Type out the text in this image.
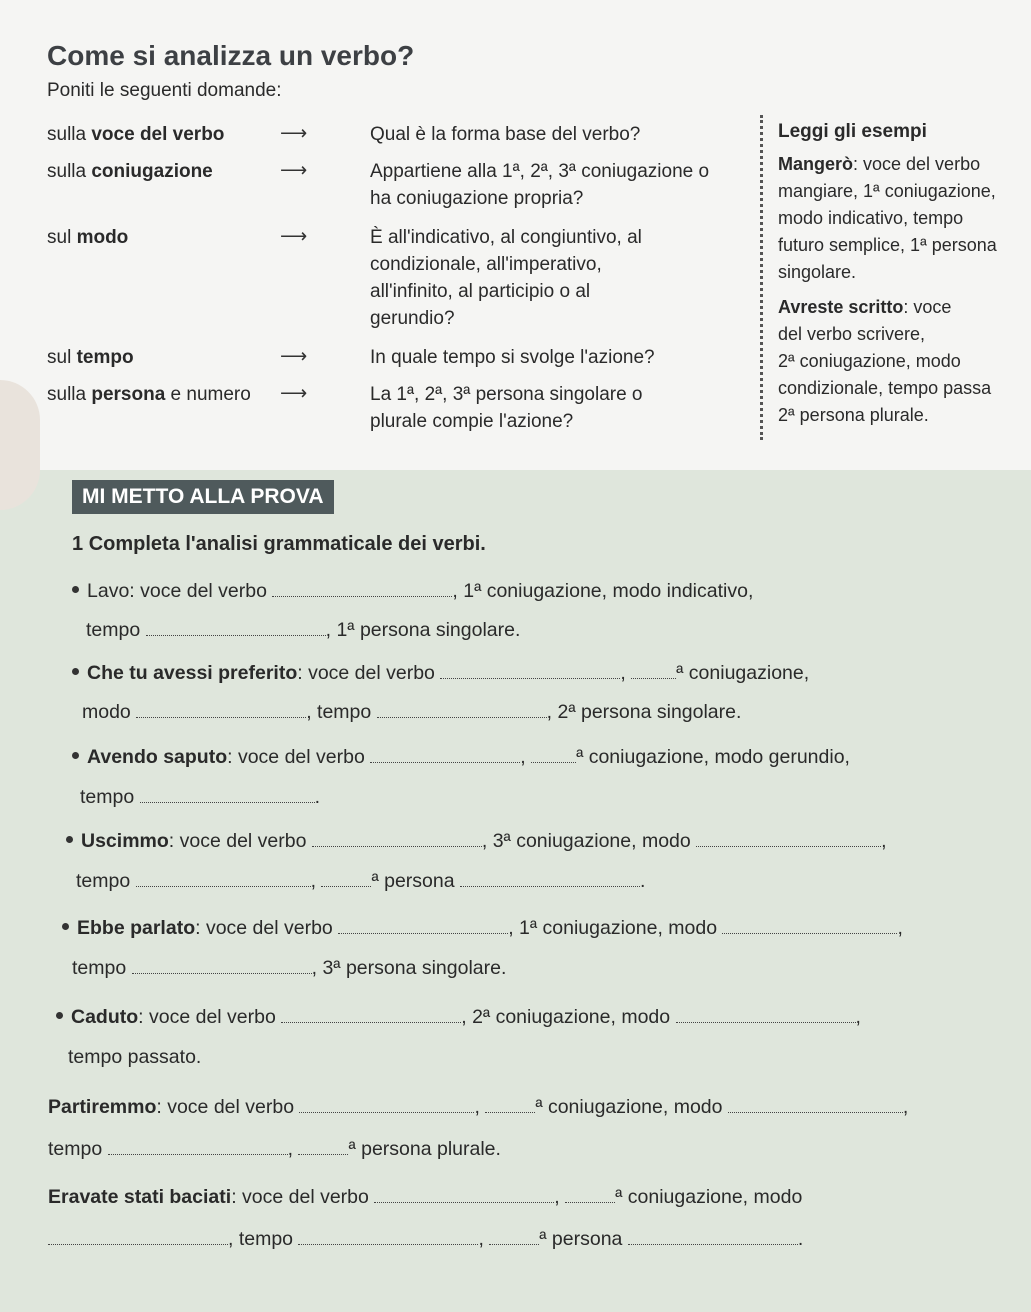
Come si analizza un verbo?
Poniti le seguenti domande:
sulla voce del verbo	⟶	Qual è la forma base del verbo?
sulla coniugazione	⟶	Appartiene alla 1ª, 2ª, 3ª coniugazione o ha coniugazione propria?
sul modo	⟶	È all'indicativo, al congiuntivo, al condizionale, all'imperativo, all'infinito, al participio o al gerundio?
sul tempo	⟶	In quale tempo si svolge l'azione?
sulla persona e numero ⟶	La 1ª, 2ª, 3ª persona singolare o plurale compie l'azione?
Leggi gli esempi

Mangerò: voce del verbo
mangiare, 1ª coniugazione,
modo indicativo, tempo
futuro semplice, 1ª persona
singolare.

Avreste scritto: voce
del verbo scrivere,
2ª coniugazione, modo
condizionale, tempo passa
2ª persona plurale.

MI METTO ALLA PROVA
1 Completa l'analisi grammaticale dei verbi.
Lavo: voce del verbo	, 1ª coniugazione, modo indicativo,
tempo	, 1ª persona singolare.
Che tu avessi preferito: voce del verbo	, ª coniugazione,
modo	, tempo	, 2ª persona singolare.
Avendo saputo: voce del verbo	, ª coniugazione, modo gerundio,
tempo	.
Uscimmo: voce del verbo	, 3ª coniugazione, modo	,
tempo	,	ª persona	.
Ebbe parlato: voce del verbo	, 1ª coniugazione, modo	,
tempo	, 3ª persona singolare.
Caduto: voce del verbo	, 2ª coniugazione, modo	,
tempo passato.
Partiremmo: voce del verbo	,	ª coniugazione, modo	,
tempo	,	ª persona plurale.
Eravate stati baciati: voce del verbo	,	ª coniugazione, modo
, tempo	,	ª persona	.
